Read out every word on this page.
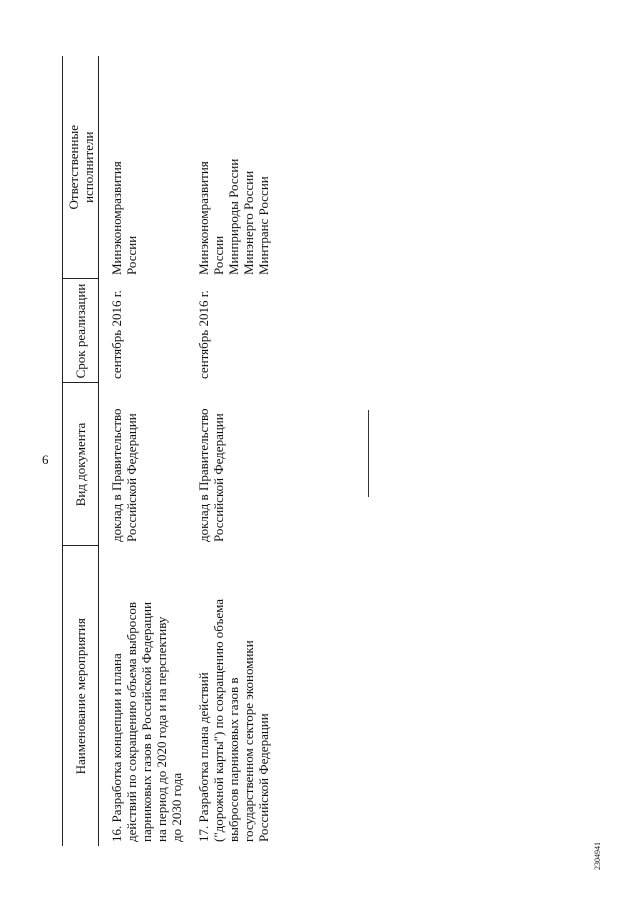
6
Наименование мероприятия	Вид документа	Срок реализации	Ответственные
исполнители

16. Разработка концепции и плана
действий по сокращению объема выбросов
парниковых газов в Российской Федерации
на период до 2020 года и на перспективу
до 2030 года	доклад в Правительство
Российской Федерации	сентябрь 2016 г.	Минэкономразвития
России

17. Разработка плана действий
("дорожной карты") по сокращению объема
выбросов парниковых газов в
государственном секторе экономики
Российской Федерации	доклад в Правительство
Российской Федерации	сентябрь 2016 г.	Минэкономразвития
России
Минприроды России
Минэнерго России
Минтранс России
2304941
